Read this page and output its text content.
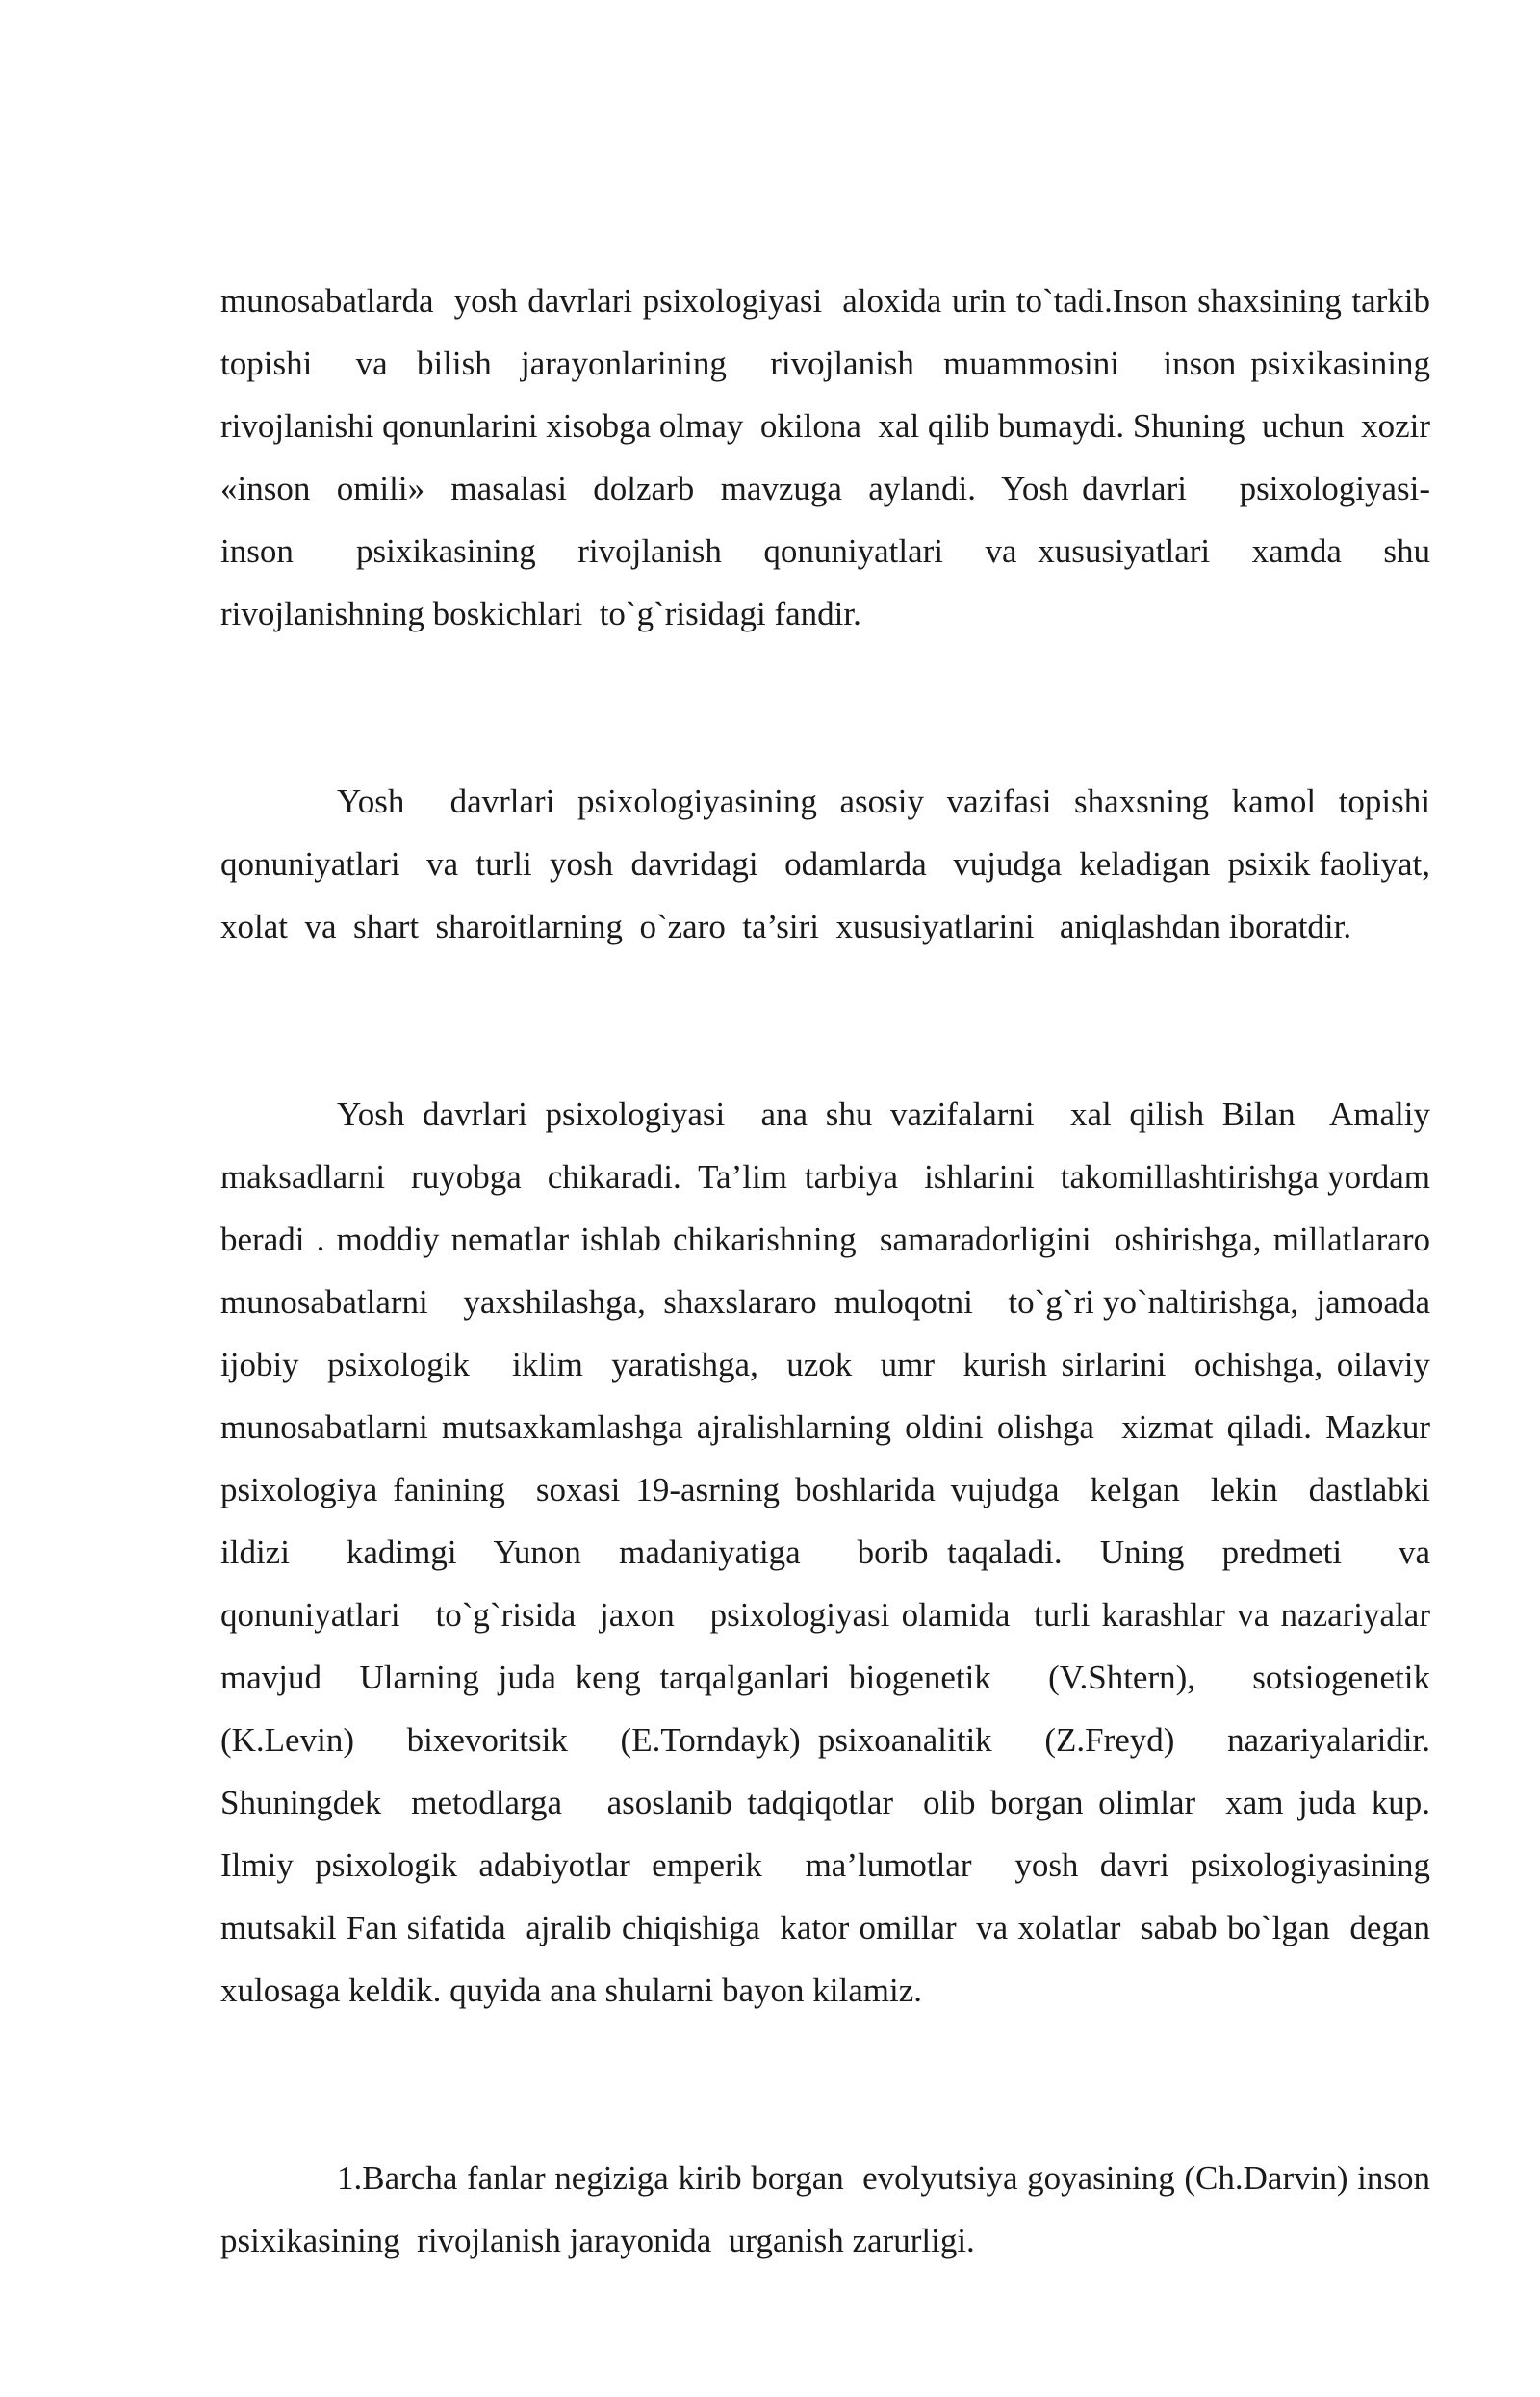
munosabatlarda  yosh davrlari psixologiyasi  aloxida urin to`tadi.Inson shaxsining tarkib  topishi   va  bilish  jarayonlarining   rivojlanish  muammosini   inson psixikasining  rivojlanishi qonunlarini xisobga olmay  okilona  xal qilib bumaydi. Shuning  uchun  xozir   «inson  omili»  masalasi  dolzarb  mavzuga  aylandi.  Yosh davrlari    psixologiyasi-  inson   psixikasining  rivojlanish  qonuniyatlari  va xususiyatlari  xamda  shu rivojlanishning boskichlari  to`g`risidagi fandir.

Yosh  davrlari psixologiyasining asosiy vazifasi shaxsning kamol topishi qonuniyatlari   va  turli  yosh  davridagi   odamlarda   vujudga  keladigan  psixik faoliyat,  xolat  va  shart  sharoitlarning  o`zaro  ta’siri  xususiyatlarini   aniqlashdan iboratdir.

Yosh davrlari psixologiyasi  ana shu vazifalarni  xal qilish Bilan  Amaliy maksadlarni   ruyobga   chikaradi.  Ta’lim  tarbiya   ishlarini   takomillashtirishga yordam beradi . moddiy nematlar ishlab chikarishning  samaradorligini  oshirishga, millatlararo    munosabatlarni    yaxshilashga,  shaxslararo  muloqotni    to`g`ri yo`naltirishga,  jamoada   ijobiy  psixologik   iklim  yaratishga,  uzok  umr  kurish sirlarini  ochishga, oilaviy  munosabatlarni mutsaxkamlashga ajralishlarning oldini olishga  xizmat qiladi. Mazkur  psixologiya fanining  soxasi 19-asrning boshlarida vujudga  kelgan  lekin  dastlabki   ildizi   kadimgi  Yunon  madaniyatiga   borib taqaladi.  Uning  predmeti   va  qonuniyatlari   to`g`risida  jaxon   psixologiyasi olamida  turli karashlar va nazariyalar  mavjud  Ularning juda keng tarqalganlari biogenetik   (V.Shtern),   sotsiogenetik   (K.Levin)   bixevoritsik   (E.Torndayk) psixoanalitik   (Z.Freyd)   nazariyalaridir.  Shuningdek  metodlarga   asoslanib tadqiqotlar  olib borgan olimlar  xam juda kup.      Ilmiy psixologik adabiyotlar emperik  ma’lumotlar  yosh davri psixologiyasining  mutsakil Fan sifatida  ajralib chiqishiga  kator omillar  va xolatlar  sabab bo`lgan  degan xulosaga keldik. quyida ana shularni bayon kilamiz.

1.Barcha fanlar negiziga kirib borgan  evolyutsiya goyasining (Ch.Darvin) inson psixikasining  rivojlanish jarayonida  urganish zarurligi.
